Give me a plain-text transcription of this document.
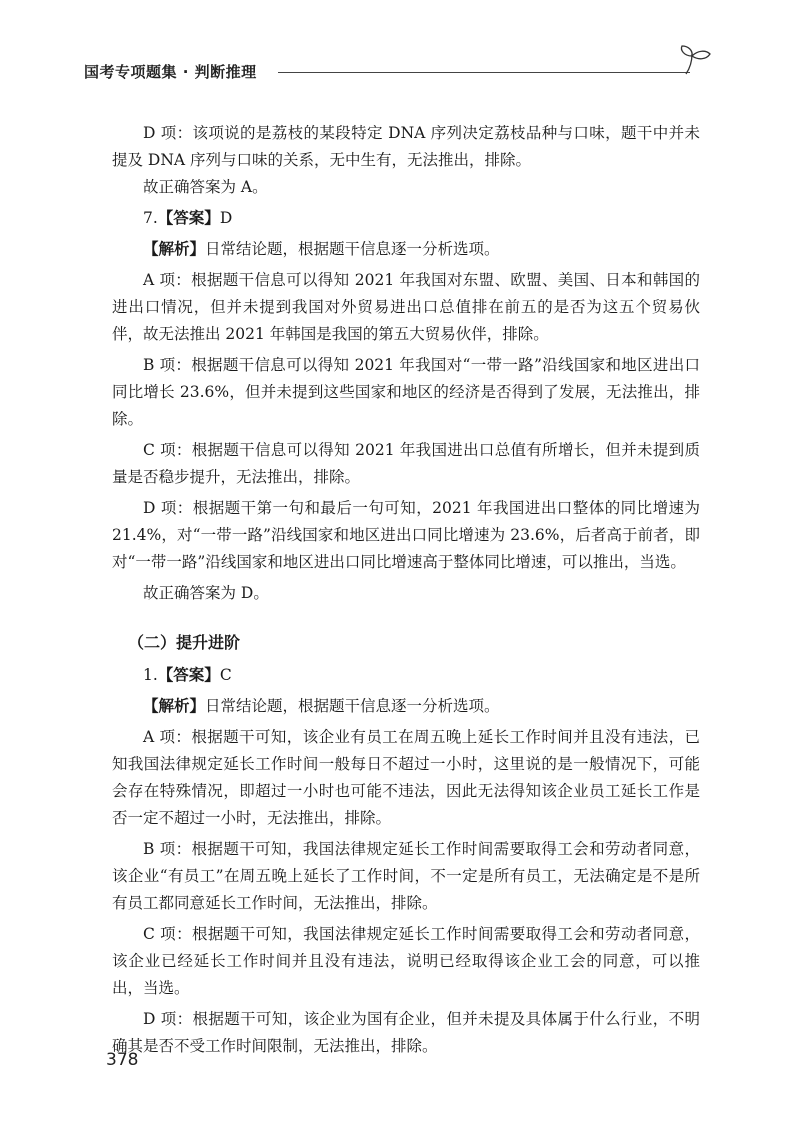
国考专项题集 · 判断推理

D 项：该项说的是荔枝的某段特定 DNA 序列决定荔枝品种与口味，题干中并未提及 DNA 序列与口味的关系，无中生有，无法推出，排除。

故正确答案为 A。

7.【答案】D

【解析】日常结论题，根据题干信息逐一分析选项。

A 项：根据题干信息可以得知 2021 年我国对东盟、欧盟、美国、日本和韩国的进出口情况，但并未提到我国对外贸易进出口总值排在前五的是否为这五个贸易伙伴，故无法推出 2021 年韩国是我国的第五大贸易伙伴，排除。

B 项：根据题干信息可以得知 2021 年我国对“一带一路”沿线国家和地区进出口同比增长 23.6%，但并未提到这些国家和地区的经济是否得到了发展，无法推出，排除。

C 项：根据题干信息可以得知 2021 年我国进出口总值有所增长，但并未提到质量是否稳步提升，无法推出，排除。

D 项：根据题干第一句和最后一句可知，2021 年我国进出口整体的同比增速为 21.4%，对“一带一路”沿线国家和地区进出口同比增速为 23.6%，后者高于前者，即对“一带一路”沿线国家和地区进出口同比增速高于整体同比增速，可以推出，当选。

故正确答案为 D。

（二）提升进阶

1.【答案】C

【解析】日常结论题，根据题干信息逐一分析选项。

A 项：根据题干可知，该企业有员工在周五晚上延长工作时间并且没有违法，已知我国法律规定延长工作时间一般每日不超过一小时，这里说的是一般情况下，可能会存在特殊情况，即超过一小时也可能不违法，因此无法得知该企业员工延长工作是否一定不超过一小时，无法推出，排除。

B 项：根据题干可知，我国法律规定延长工作时间需要取得工会和劳动者同意，该企业“有员工”在周五晚上延长了工作时间，不一定是所有员工，无法确定是不是所有员工都同意延长工作时间，无法推出，排除。

C 项：根据题干可知，我国法律规定延长工作时间需要取得工会和劳动者同意，该企业已经延长工作时间并且没有违法，说明已经取得该企业工会的同意，可以推出，当选。

D 项：根据题干可知，该企业为国有企业，但并未提及具体属于什么行业，不明确其是否不受工作时间限制，无法推出，排除。

378
